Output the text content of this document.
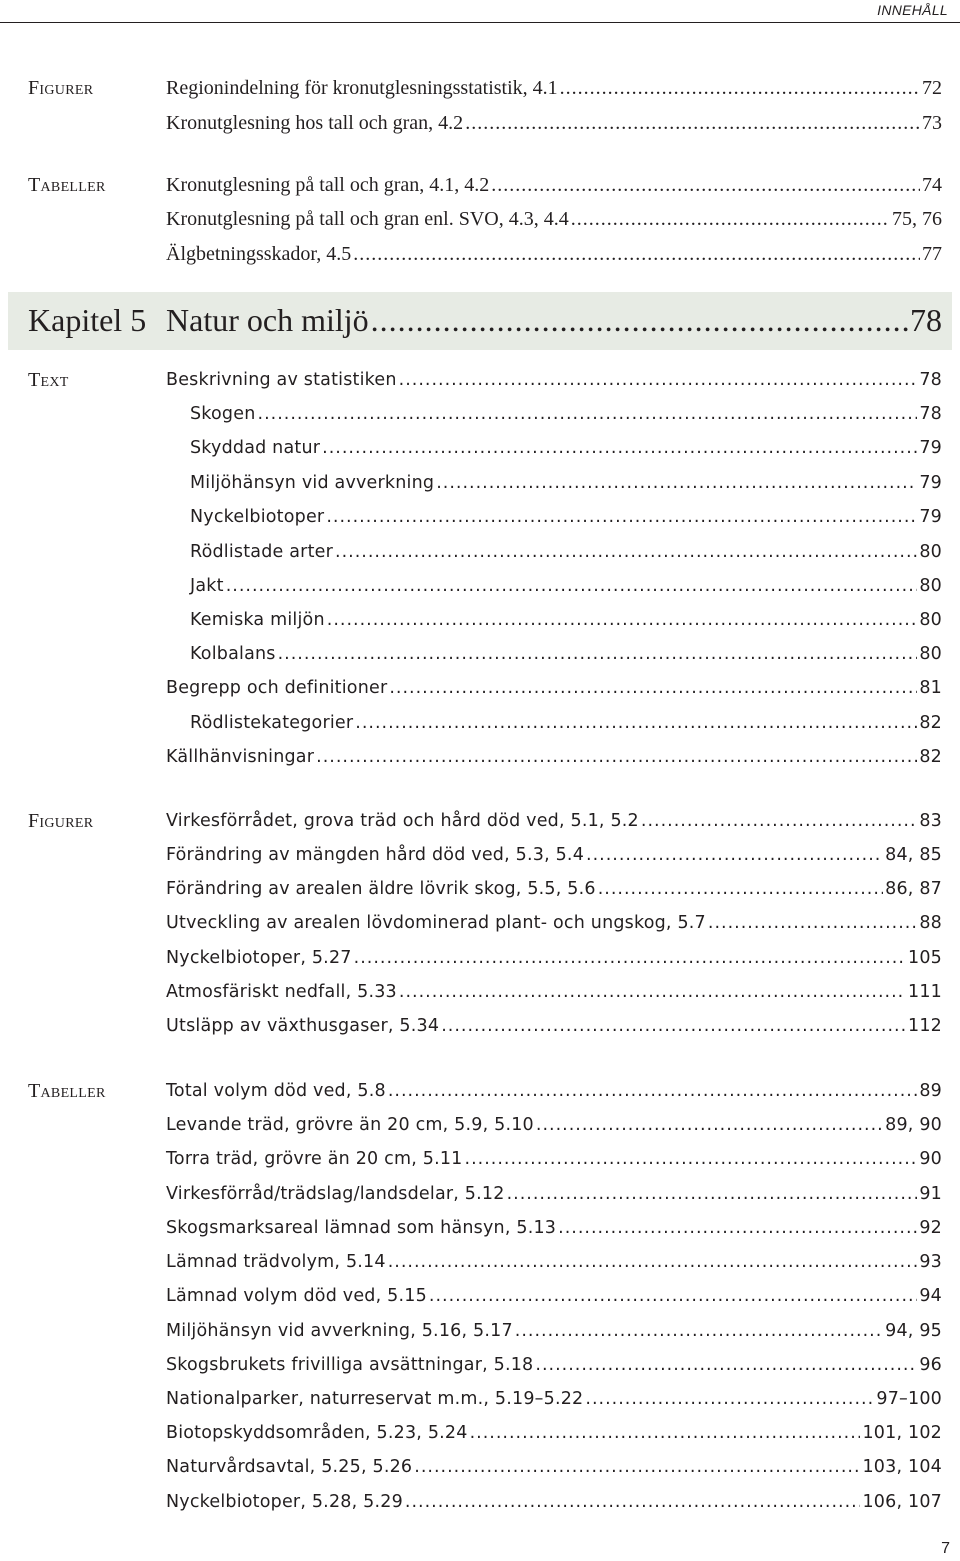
INNEHÅLL
Figurer	Regionindelning för kronutglesningsstatistik, 4.1 .....	72
Kronutglesning hos tall och gran, 4.2 .....	73
Tabeller	Kronutglesning på tall och gran, 4.1, 4.2 .....	74
Kronutglesning på tall och gran enl. SVO, 4.3, 4.4 .....	75, 76
Älgbetningsskador, 4.5 .....	77
Kapitel 5 Natur och miljö .....	78
Text	Beskrivning av statistiken .....	78
Skogen .....	78
Skyddad natur .....	79
Miljöhänsyn vid avverkning .....	79
Nyckelbiotoper .....	79
Rödlistade arter .....	80
Jakt .....	80
Kemiska miljön .....	80
Kolbalans .....	80
Begrepp och definitioner .....	81
Rödlistekategorier .....	82
Källhänvisningar .....	82
Figurer	Virkesförrådet, grova träd och hård död ved, 5.1, 5.2 .....	83
Förändring av mängden hård död ved, 5.3, 5.4 .....	84, 85
Förändring av arealen äldre lövrik skog, 5.5, 5.6 .....	86, 87
Utveckling av arealen lövdominerad plant- och ungskog, 5.7 .....	88
Nyckelbiotoper, 5.27 .....	105
Atmosfäriskt nedfall, 5.33 .....	111
Utsläpp av växthusgaser, 5.34 .....	112
Tabeller	Total volym död ved, 5.8 .....	89
Levande träd, grövre än 20 cm, 5.9, 5.10 .....	89, 90
Torra träd, grövre än 20 cm, 5.11 .....	90
Virkesförråd/trädslag/landsdelar, 5.12 .....	91
Skogsmarksareal lämnad som hänsyn, 5.13 .....	92
Lämnad trädvolym, 5.14 .....	93
Lämnad volym död ved, 5.15 .....	94
Miljöhänsyn vid avverkning, 5.16, 5.17 .....	94, 95
Skogsbrukets frivilliga avsättningar, 5.18 .....	96
Nationalparker, naturreservat m.m., 5.19–5.22 .....	97–100
Biotopskyddsområden, 5.23, 5.24 .....	101, 102
Naturvårdsavtal, 5.25, 5.26 .....	103, 104
Nyckelbiotoper, 5.28, 5.29 .....	106, 107
7
